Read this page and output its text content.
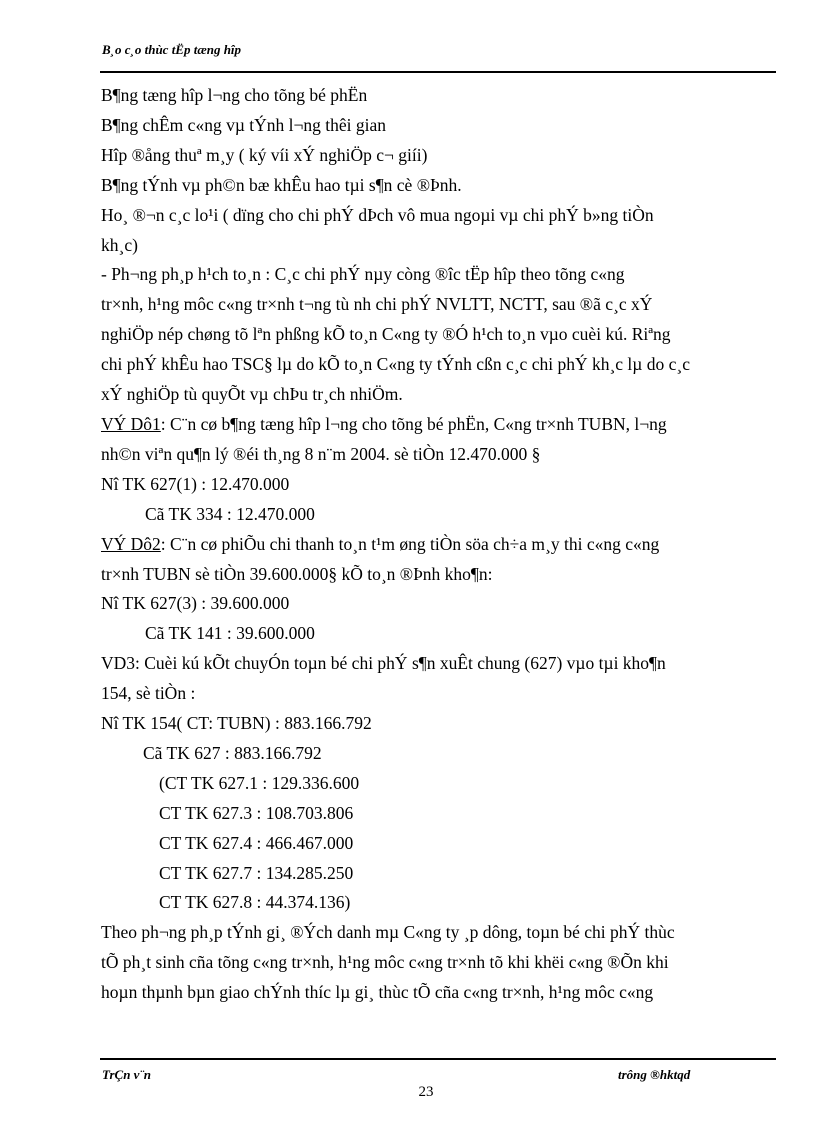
B¸o c¸o thùc tËp tæng hîp
B¶ng tæng hîp l¬ng cho tõng bé phËn
B¶ng chÊm c«ng vµ tÝnh l¬ng thêi gian
Hîp ®ång thuª m¸y ( ký víi xÝ nghiÖp c¬ giíi)
B¶ng tÝnh vµ ph©n bæ khÊu hao tµi s¶n cè ®Þnh.
Ho¸ ®¬n c¸c lo¹i ( dïng cho chi phÝ dÞch vô mua ngoµi vµ chi phÝ b»ng tiÒn
kh¸c)
- Ph¬ng ph¸p h¹ch to¸n : C¸c chi phÝ nµy còng ®îc tËp hîp theo tõng c«ng
tr×nh, h¹ng môc c«ng tr×nh t¬ng tù nh chi phÝ NVLTT, NCTT, sau ®ã c¸c xÝ
nghiÖp nép chøng tõ lªn phßng kÕ to¸n C«ng ty ®Ó h¹ch to¸n vµo cuèi kú. Riªng
chi phÝ khÊu hao TSC§ lµ do kÕ to¸n C«ng ty tÝnh cßn c¸c chi phÝ kh¸c lµ do c¸c
xÝ nghiÖp tù quyÕt vµ chÞu tr¸ch nhiÖm.
VÝ Dô1: C¨n cø b¶ng tæng hîp l¬ng cho tõng bé phËn, C«ng tr×nh TUBN, l¬ng
nh©n viªn qu¶n lý ®éi th¸ng 8 n¨m 2004. sè tiÒn 12.470.000 §
Nî TK 627(1) : 12.470.000
Cã TK 334 : 12.470.000
VÝ Dô2: C¨n cø phiÕu chi thanh to¸n t¹m øng tiÒn söa ch÷a m¸y thi c«ng c«ng
tr×nh TUBN sè tiÒn 39.600.000§ kÕ to¸n ®Þnh kho¶n:
Nî TK 627(3) : 39.600.000
Cã TK 141 : 39.600.000
VD3: Cuèi kú kÕt chuyÓn toµn bé chi phÝ s¶n xuÊt chung (627) vµo tµi kho¶n
154, sè tiÒn :
Nî TK 154( CT: TUBN) : 883.166.792
Cã TK 627 : 883.166.792
(CT TK 627.1 : 129.336.600
CT TK 627.3 : 108.703.806
CT TK 627.4 : 466.467.000
CT TK 627.7 : 134.285.250
CT TK 627.8 : 44.374.136)
Theo ph¬ng ph¸p tÝnh gi¸ ®Ých danh mµ C«ng ty ¸p dông, toµn bé chi phÝ thùc
tÕ ph¸t sinh cña tõng c«ng tr×nh, h¹ng môc c«ng tr×nh tõ khi khëi c«ng ®Õn khi
hoµn thµnh bµn giao chÝnh thíc lµ gi¸ thùc tÕ cña c«ng tr×nh, h¹ng môc c«ng
TrÇn v¨n	trông ®hktqd
23
